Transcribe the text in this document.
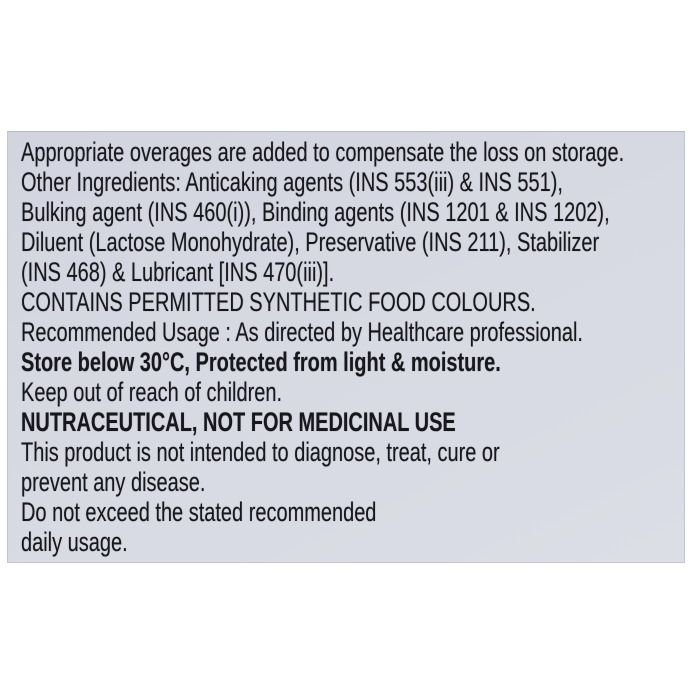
Appropriate overages are added to compensate the loss on storage.
Other Ingredients: Anticaking agents (INS 553(iii) & INS 551),
Bulking agent (INS 460(i)), Binding agents (INS 1201 & INS 1202),
Diluent (Lactose Monohydrate), Preservative (INS 211), Stabilizer
(INS 468) & Lubricant [INS 470(iii)].
CONTAINS PERMITTED SYNTHETIC FOOD COLOURS.
Recommended Usage : As directed by Healthcare professional.
Store below 30°C, Protected from light & moisture.
Keep out of reach of children.
NUTRACEUTICAL, NOT FOR MEDICINAL USE
This product is not intended to diagnose, treat, cure or
prevent any disease.
Do not exceed the stated recommended
daily usage.
